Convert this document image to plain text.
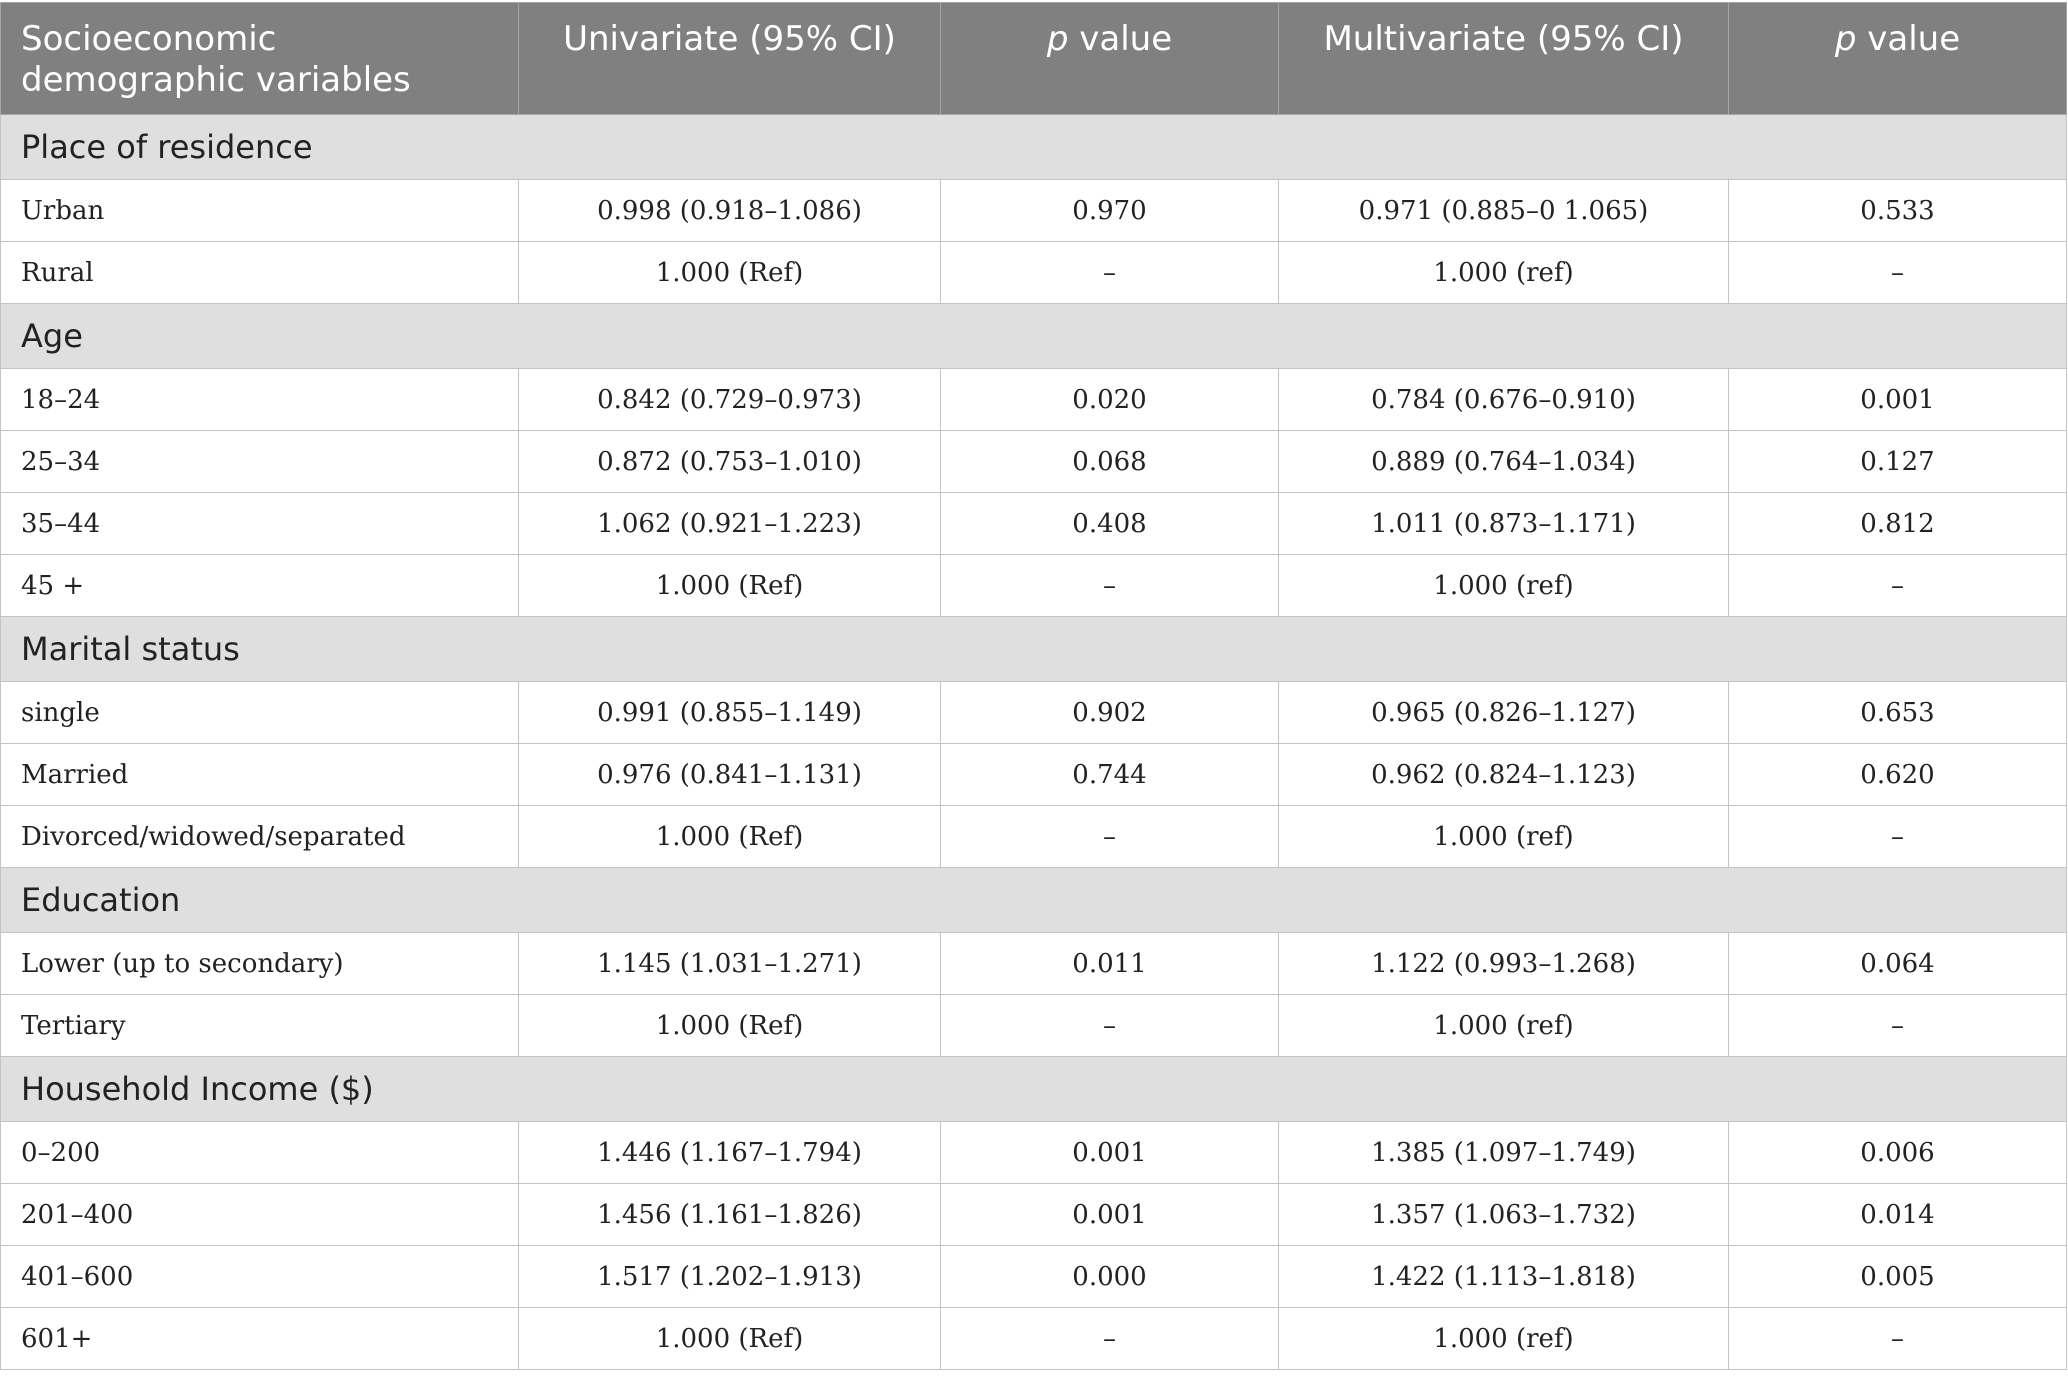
Socioeconomic demographic variables	Univariate (95% CI)	p value	Multivariate (95% CI)	p value
Place of residence				
Urban	0.998 (0.918–1.086)	0.970	0.971 (0.885–0 1.065)	0.533
Rural	1.000 (Ref)	–	1.000 (ref)	–
Age				
18–24	0.842 (0.729–0.973)	0.020	0.784 (0.676–0.910)	0.001
25–34	0.872 (0.753–1.010)	0.068	0.889 (0.764–1.034)	0.127
35–44	1.062 (0.921–1.223)	0.408	1.011 (0.873–1.171)	0.812
45 +	1.000 (Ref)	–	1.000 (ref)	–
Marital status				
single	0.991 (0.855–1.149)	0.902	0.965 (0.826–1.127)	0.653
Married	0.976 (0.841–1.131)	0.744	0.962 (0.824–1.123)	0.620
Divorced/widowed/separated	1.000 (Ref)	–	1.000 (ref)	–
Education				
Lower (up to secondary)	1.145 (1.031–1.271)	0.011	1.122 (0.993–1.268)	0.064
Tertiary	1.000 (Ref)	–	1.000 (ref)	–
Household Income ($)				
0–200	1.446 (1.167–1.794)	0.001	1.385 (1.097–1.749)	0.006
201–400	1.456 (1.161–1.826)	0.001	1.357 (1.063–1.732)	0.014
401–600	1.517 (1.202–1.913)	0.000	1.422 (1.113–1.818)	0.005
601+	1.000 (Ref)	–	1.000 (ref)	–
